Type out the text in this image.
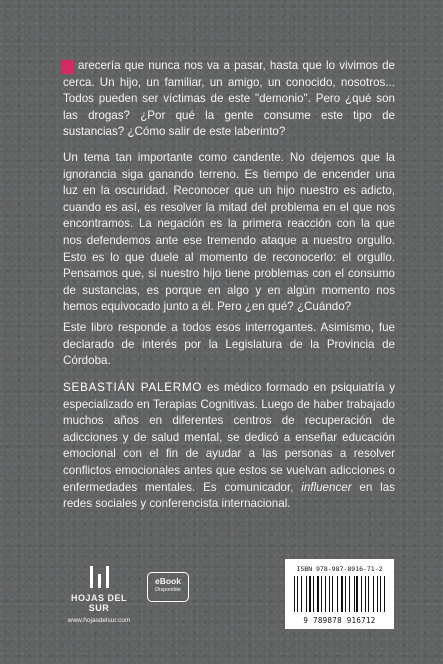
arecería que nunca nos va a pasar, hasta que lo vivimos de cerca. Un hijo, un familiar, un amigo, un conocido, nosotros... Todos pueden ser víctimas de este "demonio". Pero ¿qué son las drogas? ¿Por qué la gente consume este tipo de sustancias? ¿Cómo salir de este laberinto?
Un tema tan importante como candente. No dejemos que la ignorancia siga ganando terreno. Es tiempo de encender una luz en la oscuridad. Reconocer que un hijo nuestro es adicto, cuando es así, es resolver la mitad del problema en el que nos encontramos. La negación es la primera reacción con la que nos defendemos ante ese tremendo ataque a nuestro orgullo. Esto es lo que duele al momento de reconocerlo: el orgullo. Pensamos que, si nuestro hijo tiene problemas con el consumo de sustancias, es porque en algo y en algún momento nos hemos equivocado junto a él. Pero ¿en qué? ¿Cuándo?
Este libro responde a todos esos interrogantes. Asimismo, fue declarado de interés por la Legislatura de la Provincia de Córdoba.
SEBASTIÁN PALERMO es médico formado en psiquiatría y especializado en Terapias Cognitivas. Luego de haber trabajado muchos años en diferentes centros de recuperación de adicciones y de salud mental, se dedicó a enseñar educación emocional con el fin de ayudar a las personas a resolver conflictos emocionales antes que estos se vuelvan adicciones o enfermedades mentales. Es comunicador, influencer en las redes sociales y conferencista internacional.
HOJAS DEL SUR
www.hojasdelsur.com
eBook
Disponible
ISBN 978-987-8916-71-2
9 789878 916712
